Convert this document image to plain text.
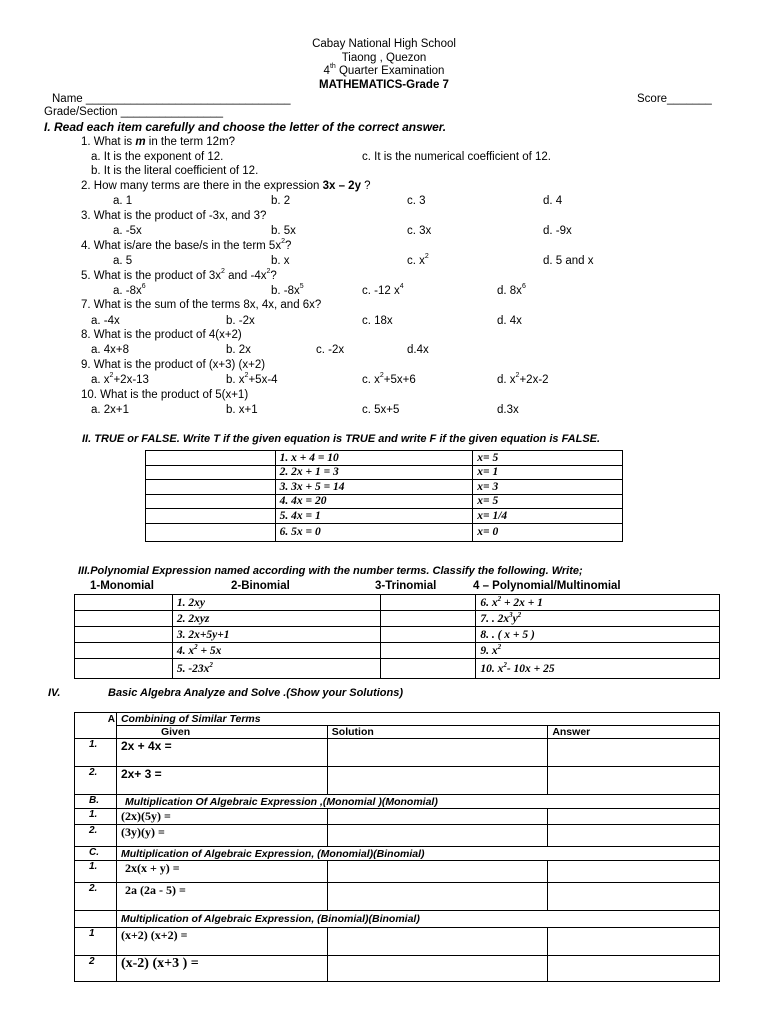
Cabay National High School
Tiaong , Quezon
4th Quarter Examination
MATHEMATICS-Grade 7
Name ________________________________	Score_______
Grade/Section ________________
I. Read each item carefully and choose the letter of the correct answer.
1. What is m in the term 12m?
a. It is the exponent of 12.	c. It is the numerical coefficient of 12.
b. It is the literal coefficient of 12.
2. How many terms are there in the expression 3x – 2y ?
a. 1	b. 2	c. 3	d. 4
3. What is the product of -3x, and 3?
a. -5x	b. 5x	c. 3x	d. -9x
4. What is/are the base/s in the term $5x^2$?
a. 5	b. x	c. $x^2$	d. 5 and x
5. What is the product of $3x^2$ and $-4x^2$?
a. $-8x^6$	b. $-8x^5$	c. -12 $x^4$	d. $8x^6$
7. What is the sum of the terms 8x, 4x, and 6x?
a. -4x	b. -2x	c. 18x	d. 4x
8. What is the product of 4(x+2)
a. 4x+8	b. 2x	c. -2x	d.4x
9. What is the product of (x+3) (x+2)
a. $x^2+2x-13$	b. $x^2+5x-4$	c. $x^2+5x+6$	d. $x^2+2x-2$
10. What is the product of 5(x+1)
a. 2x+1	b. x+1	c. 5x+5	d.3x
II. TRUE or FALSE. Write T if the given equation is TRUE and write F if the given equation is FALSE.
	1. x + 4 = 10	x= 5
	2. 2x + 1 = 3	x= 1
	3. 3x + 5 = 14	x= 3
	4. 4x = 20	x= 5
	5. 4x = 1	x= 1/4
	6. 5x = 0	x= 0
III.Polynomial Expression named according with the number terms. Classify the following. Write;
1-Monomial	2-Binomial	3-Trinomial	4 – Polynomial/Multinomial
	1. 2xy		6. $x^2 + 2x + 1$
	2. 2xyz		7. . $2x^3y^2$
	3. 2x+5y+1		8. . ( x + 5 )
	4. $x^2 + 5x$		9. $x^2$
	5. $-23x^2$		10. $x^2-$ 10x + 25
IV.	Basic Algebra Analyze and Solve .(Show your Solutions)
A	Combining of Similar Terms		
	Given	Solution	Answer
1.	2x + 4x =		
2.	2x+ 3 =		
B.	Multiplication Of Algebraic Expression ,(Monomial )(Monomial)		
1.	(2x)(5y) =		
2.	(3y)(y) =		
C.	Multiplication of Algebraic Expression, (Monomial)(Binomial)		
1.	2x(x + y) =		
2.	2a (2a - 5) =		
	Multiplication of Algebraic Expression, (Binomial)(Binomial)		
1	(x+2) (x+2) =		
2	(x-2) (x+3 ) =		
